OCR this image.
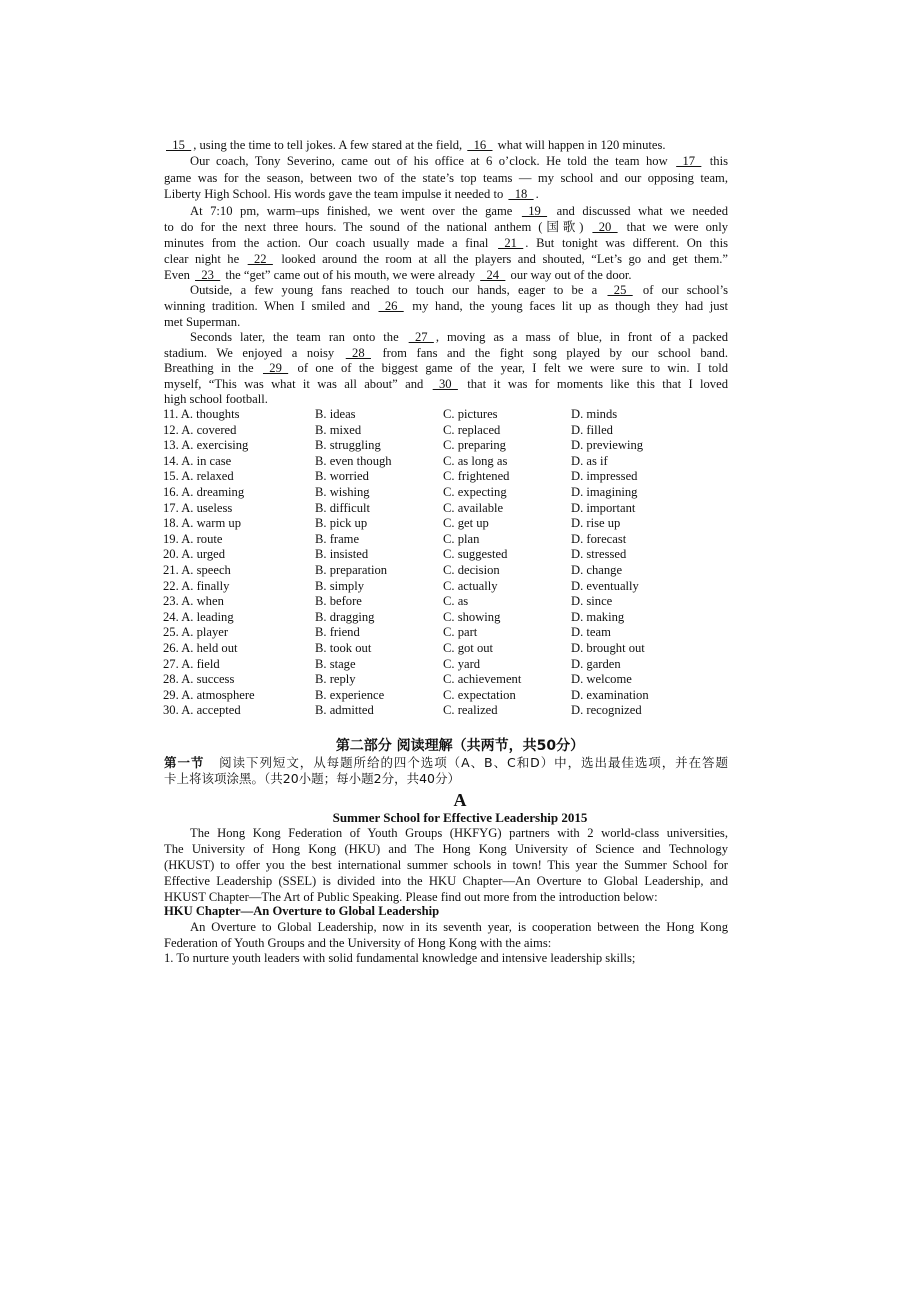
第二部分 阅读理解（共两节，共50分）
第一节 阅读下列短文，从每题所给的四个选项（A、B、C和D）中，选出最佳选项，并在答题
卡上将该项涂黑。（共20小题；每小题2分，共40分）
A
Summer School for Effective Leadership 2015
15  , using the time to tell jokes. A few stared at the field,   16   what will happen in 120 minutes.
Our coach, Tony Severino, came out of his office at 6 o’clock. He told the team how   17   this
game was for the season, between two of the state’s top teams — my school and our opposing team,
Liberty High School. His words gave the team impulse it needed to   18  .
At 7:10 pm, warm–ups finished, we went over the game   19   and discussed what we needed
to do for the next three hours. The sound of the national anthem (国歌)   20   that we were only
minutes from the action. Our coach usually made a final   21  . But tonight was different. On this
clear night he   22   looked around the room at all the players and shouted, “Let’s go and get them.”
Even   23   the “get” came out of his mouth, we were already   24   our way out of the door.
Outside, a few young fans reached to touch our hands, eager to be a   25   of our school’s
winning tradition. When I smiled and   26   my hand, the young faces lit up as though they had just
met Superman.
Seconds later, the team ran onto the   27  , moving as a mass of blue, in front of a packed
stadium. We enjoyed a noisy   28   from fans and the fight song played by our school band.
Breathing in the   29   of one of the biggest game of the year, I felt we were sure to win. I told
myself, “This was what it was all about” and   30   that it was for moments like this that I loved
high school football.
11. A. thoughts	B. ideas	C. pictures	D. minds
12. A. covered	B. mixed	C. replaced	D. filled
13. A. exercising	B. struggling	C. preparing	D. previewing
14. A. in case	B. even though	C. as long as	D. as if
15. A. relaxed	B. worried	C. frightened	D. impressed
16. A. dreaming	B. wishing	C. expecting	D. imagining
17. A. useless	B. difficult	C. available	D. important
18. A. warm up	B. pick up	C. get up	D. rise up
19. A. route	B. frame	C. plan	D. forecast
20. A. urged	B. insisted	C. suggested	D. stressed
21. A. speech	B. preparation	C. decision	D. change
22. A. finally	B. simply	C. actually	D. eventually
23. A. when	B. before	C. as	D. since
24. A. leading	B. dragging	C. showing	D. making
25. A. player	B. friend	C. part	D. team
26. A. held out	B. took out	C. got out	D. brought out
27. A. field	B. stage	C. yard	D. garden
28. A. success	B. reply	C. achievement	D. welcome
29. A. atmosphere	B. experience	C. expectation	D. examination
30. A. accepted	B. admitted	C. realized	D. recognized
The Hong Kong Federation of Youth Groups (HKFYG) partners with 2 world-class universities,
The University of Hong Kong (HKU) and The Hong Kong University of Science and Technology
(HKUST) to offer you the best international summer schools in town! This year the Summer School for
Effective Leadership (SSEL) is divided into the HKU Chapter—An Overture to Global Leadership, and
HKUST Chapter—The Art of Public Speaking. Please find out more from the introduction below:
HKU Chapter—An Overture to Global Leadership
An Overture to Global Leadership, now in its seventh year, is cooperation between the Hong Kong
Federation of Youth Groups and the University of Hong Kong with the aims:
1. To nurture youth leaders with solid fundamental knowledge and intensive leadership skills;
